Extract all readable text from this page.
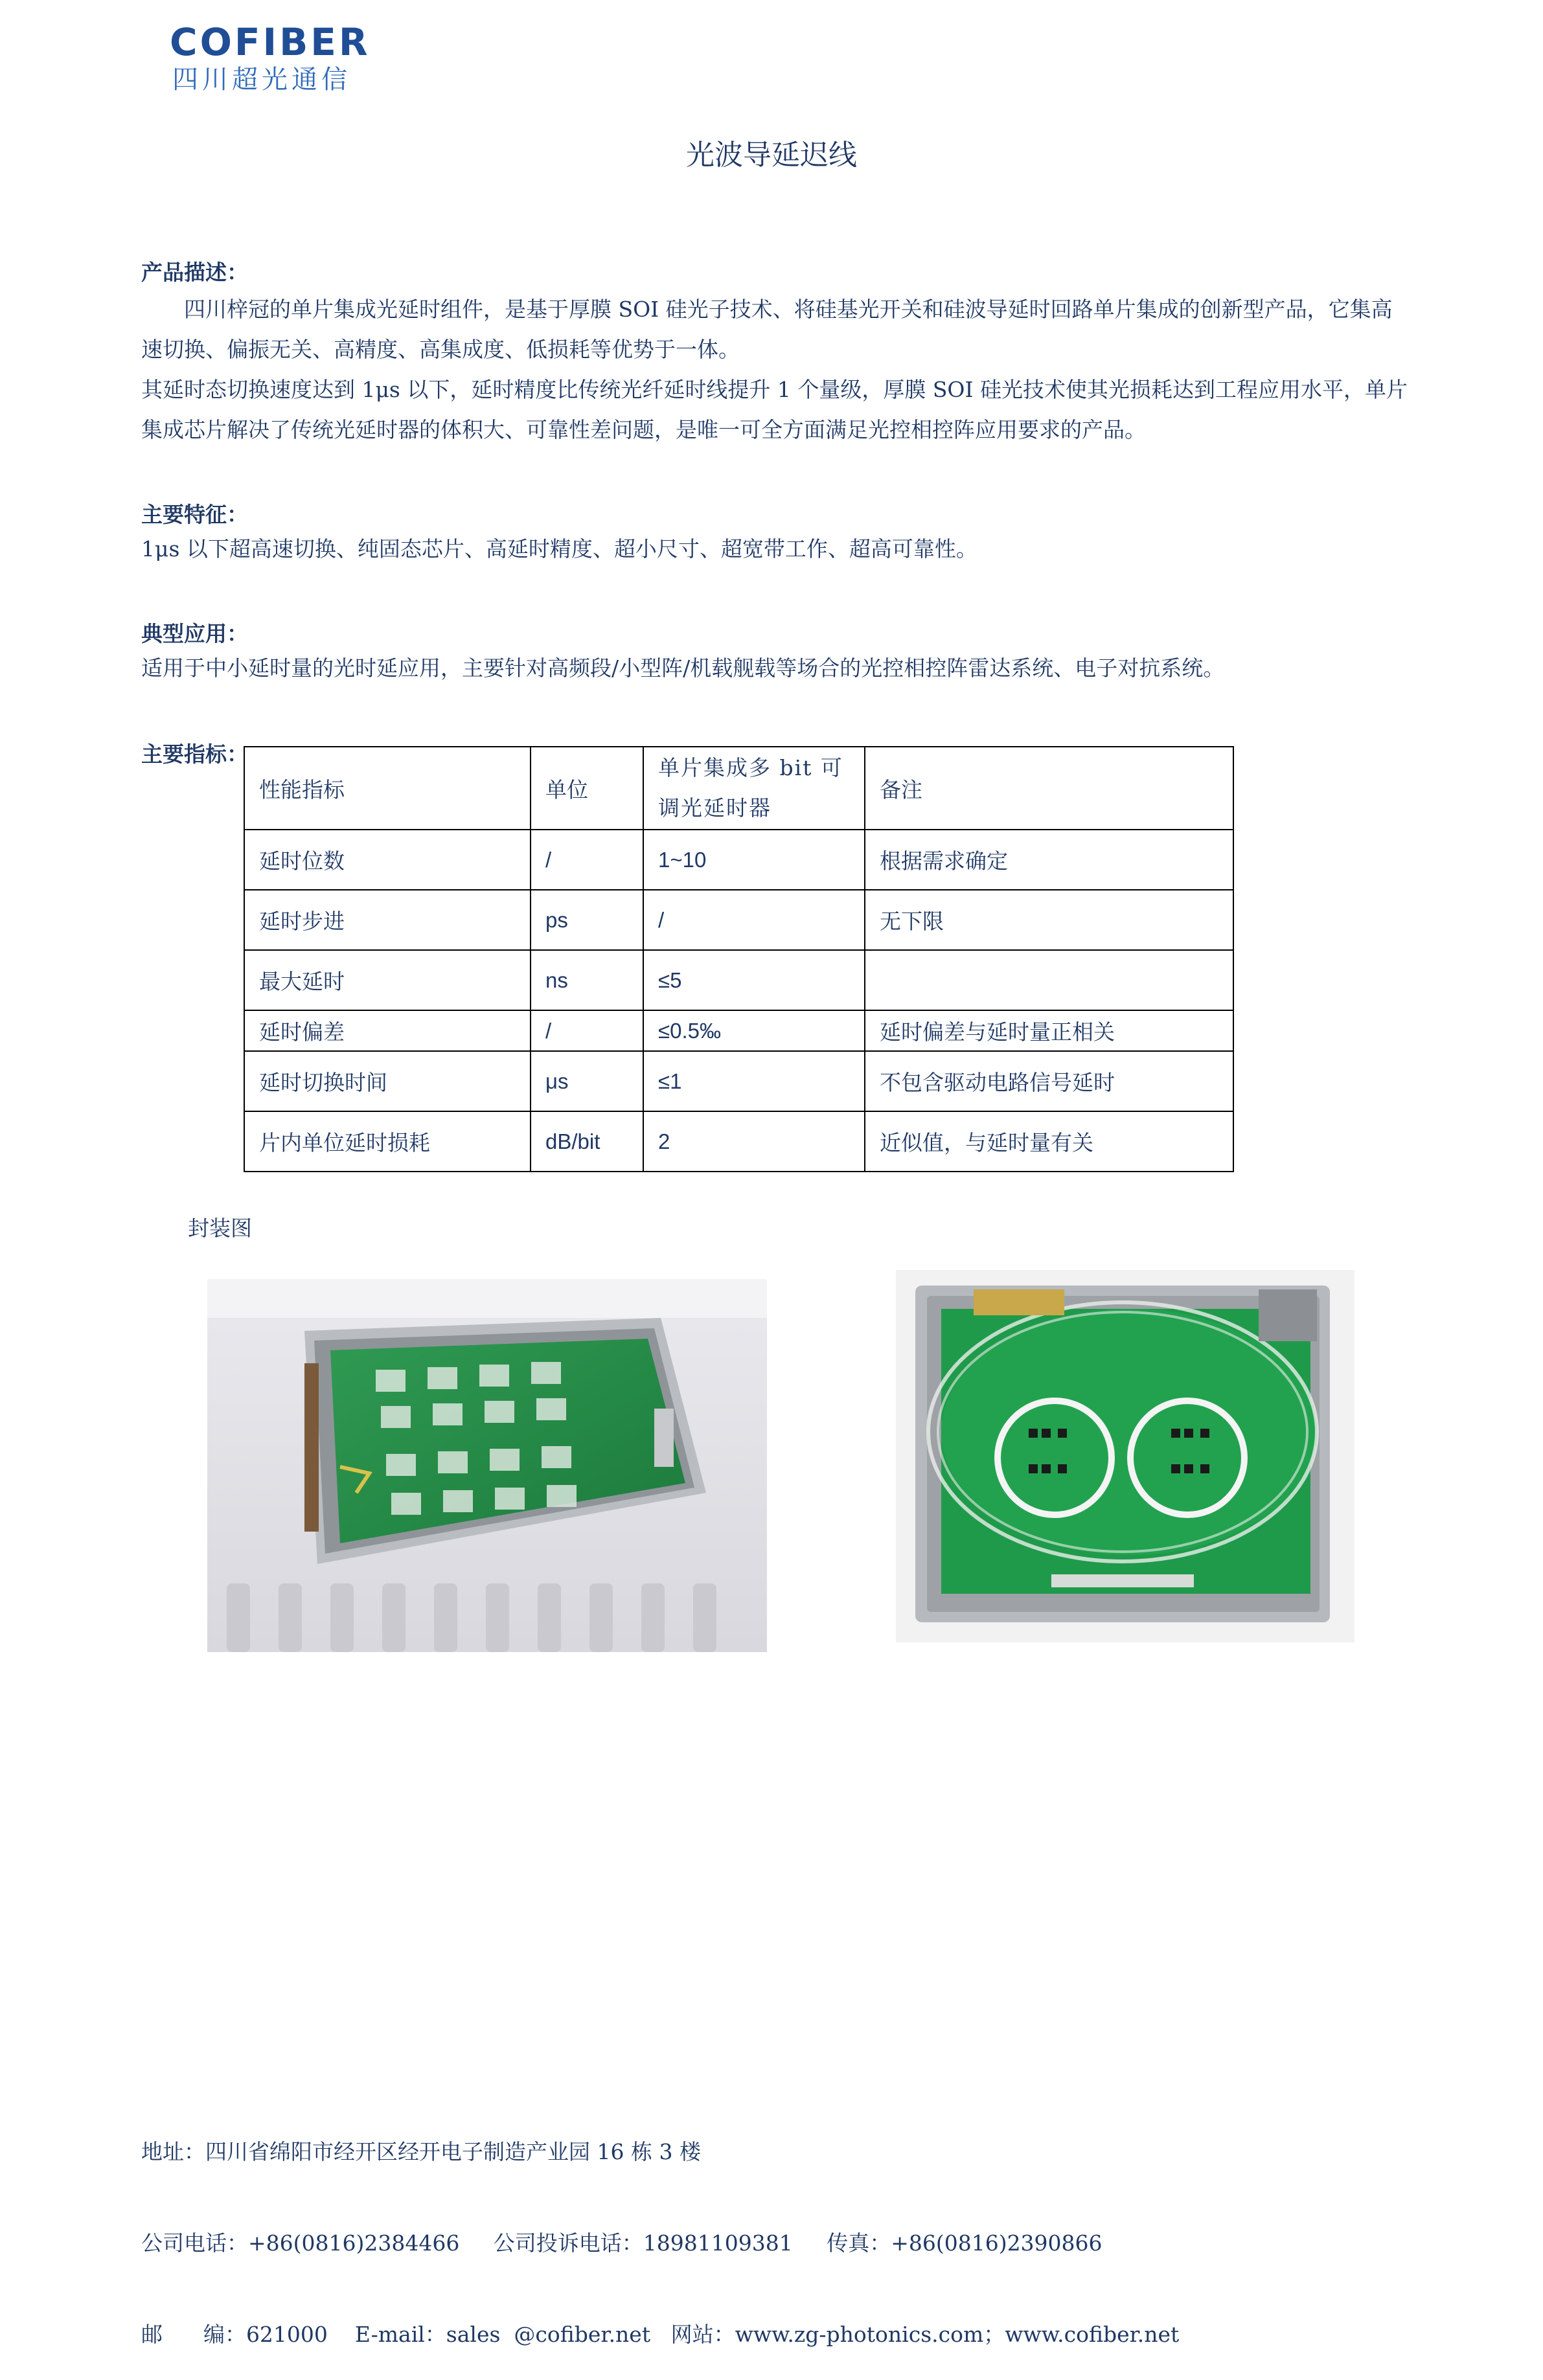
COFIBER
四川超光通信
光波导延迟线
产品描述：
四川梓冠的单片集成光延时组件，是基于厚膜 SOI 硅光子技术、将硅基光开关和硅波导延时回路单片集成的创新型产品，它集高速切换、偏振无关、高精度、高集成度、低损耗等优势于一体。
其延时态切换速度达到 1μs 以下，延时精度比传统光纤延时线提升 1 个量级，厚膜 SOI 硅光技术使其光损耗达到工程应用水平，单片集成芯片解决了传统光延时器的体积大、可靠性差问题，是唯一可全方面满足光控相控阵应用要求的产品。
主要特征：
1μs 以下超高速切换、纯固态芯片、高延时精度、超小尺寸、超宽带工作、超高可靠性。
典型应用：
适用于中小延时量的光时延应用，主要针对高频段/小型阵/机载舰载等场合的光控相控阵雷达系统、电子对抗系统。
主要指标：
性能指标	单位	单片集成多 bit 可调光延时器	备注
延时位数	/	1~10	根据需求确定
延时步进	ps	/	无下限
最大延时	ns	≤5	
延时偏差	/	≤0.5‰	延时偏差与延时量正相关
延时切换时间	μs	≤1	不包含驱动电路信号延时
片内单位延时损耗	dB/bit	2	近似值，与延时量有关
封装图

地址：四川省绵阳市经开区经开电子制造产业园 16 栋 3 楼

公司电话：+86(0816)2384466     公司投诉电话：18981109381     传真：+86(0816)2390866

邮      编：621000    E-mail：sales  @cofiber.net   网站：www.zg-photonics.com；www.cofiber.net
